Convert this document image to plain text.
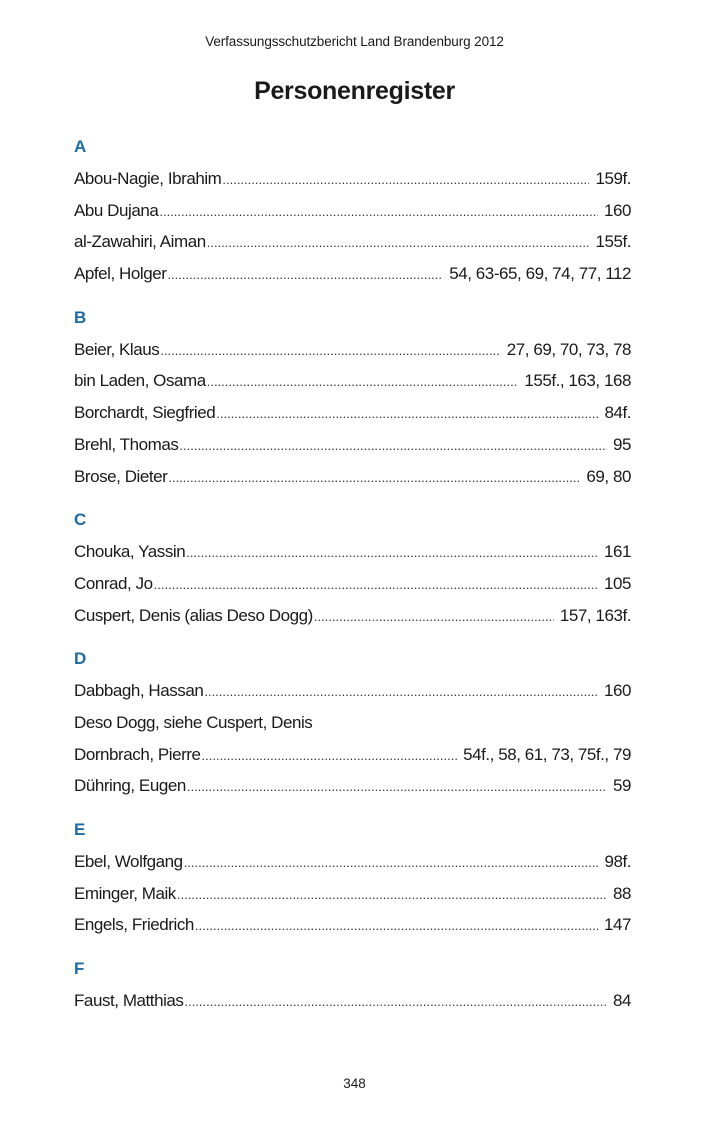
Verfassungsschutzbericht Land Brandenburg 2012
Personenregister
A
Abou-Nagie, Ibrahim .....	159f.
Abu Dujana .....	160
al-Zawahiri, Aiman .....	155f.
Apfel, Holger .....	54, 63-65, 69, 74, 77, 112
B
Beier, Klaus .....	27, 69, 70, 73, 78
bin Laden, Osama .....	155f., 163, 168
Borchardt, Siegfried .....	84f.
Brehl, Thomas .....	95
Brose, Dieter .....	69, 80
C
Chouka, Yassin .....	161
Conrad, Jo .....	105
Cuspert, Denis (alias Deso Dogg) .....	157, 163f.
D
Dabbagh, Hassan .....	160
Deso Dogg, siehe Cuspert, Denis
Dornbrach, Pierre .....	54f., 58, 61, 73, 75f., 79
Dühring, Eugen .....	59
E
Ebel, Wolfgang .....	98f.
Eminger, Maik .....	88
Engels, Friedrich .....	147
F
Faust, Matthias .....	84
348
